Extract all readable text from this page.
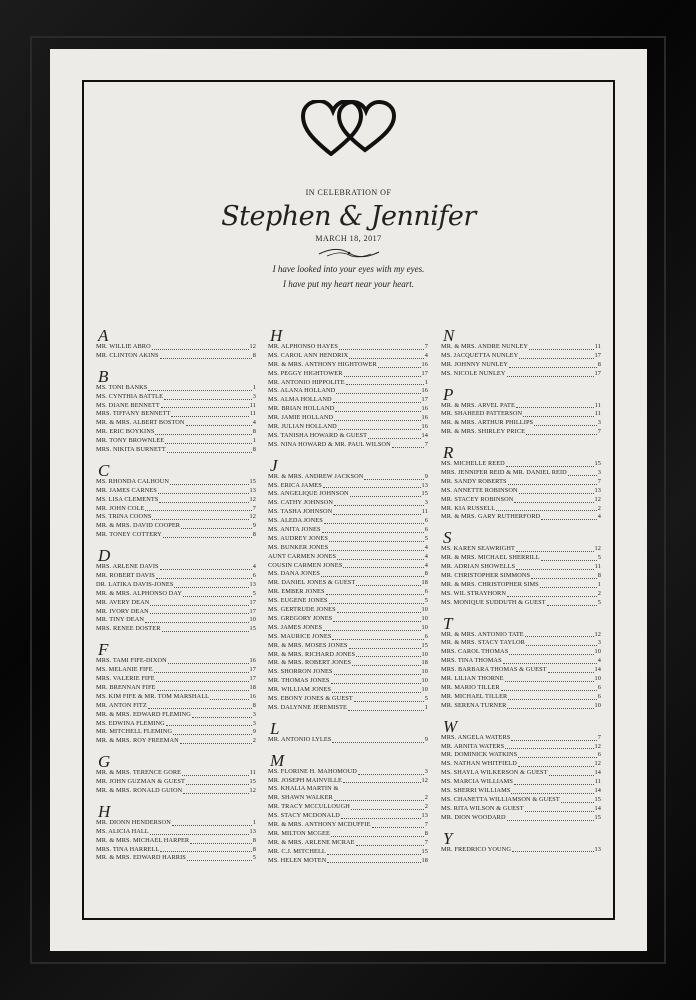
IN CELEBRATION OF
Stephen & Jennifer
MARCH 18, 2017
I have looked into your eyes with my eyes.
I have put my heart near your heart.
A
MR. WILLIE ABRO	12
MR. CLINTON AKINS	8
B
MS. TONI BANKS	1
MS. CYNTHIA BATTLE	3
MS. DIANE BENNETT	11
MRS. TIFFANY BENNETT	11
MR. & MRS. ALBERT BOSTON	4
MR. ERIC BOYKINS	8
MR. TONY BROWNLEE	1
MRS. NIKITA BURNETT	8
C
MS. RHONDA CALHOUN	15
MR. JAMES CARNES	13
MS. LISA CLEMENTS	12
MR. JOHN COLE	7
MS. TRINA COONS	12
MR. & MRS. DAVID COOPER	9
MR. TONEY COTTERY	8
D
MRS. ARLENE DAVIS	4
MR. ROBERT DAVIS	6
DR. LATIKA DAVIS-JONES	13
MR. & MRS. ALPHONSO DAY	5
MR. AVERY DEAN	17
MR. IVORY DEAN	17
MR. TINY DEAN	10
MRS. RENEE DOSTER	15
F
MRS. TAMI FIFE-DIXON	16
MS. MELANIE FIFE	17
MRS. VALERIE FIFE	17
MR. BRENNAN FIFE	18
MS. KIM FIFE & MR. TOM MARSHALL	16
MR. ANTON FITZ	8
MR. & MRS. EDWARD FLEMING	3
MS. EDWINA FLEMING	3
MR. MITCHELL FLEMING	9
MR. & MRS. ROY FREEMAN	2
G
MR. & MRS. TERENCE GORE	11
MR. JOHN GUZMAN & GUEST	15
MR. & MRS. RONALD GUION	12
H
MR. DIONN HENDERSON	1
MS. ALICIA HALL	13
MR. & MRS. MICHAEL HARPER	8
MRS. TINA HARRELL	8
MR. & MRS. EDWARD HARRIS	5
H
MR. ALPHONSO HAYES	7
MS. CAROL ANN HENDRIX	4
MR. & MRS. ANTHONY HIGHTOWER	16
MS. PEGGY HIGHTOWER	17
MR. ANTONIO HIPPOLITE	1
MS. ALANA HOLLAND	16
MS. ALMA HOLLAND	17
MR. BRIAN HOLLAND	16
MR. JAMIE HOLLAND	16
MR. JULIAN HOLLAND	16
MS. TANISHA HOWARD & GUEST	14
MS. NINA HOWARD & MR. PAUL WILSON	7
J
MR. & MRS. ANDREW JACKSON	9
MS. ERICA JAMES	13
MS. ANGELIQUE JOHNSON	15
MS. CATHY JOHNSON	3
MS. TASHA JOHNSON	11
MS. ALEDA JONES	6
MS. ANITA JONES	6
MS. AUDREY JONES	5
MS. BUNKER JONES	4
AUNT CARMEN JONES	4
COUSIN CARMEN JONES	4
MS. DANA JONES	8
MR. DANIEL JONES & GUEST	18
MR. EMBER JONES	6
MS. EUGENE JONES	5
MS. GERTRUDE JONES	10
MS. GREGORY JONES	10
MS. JAMES JONES	10
MS. MAURICE JONES	6
MR. & MRS. MOSES JONES	15
MR. & MRS. RICHARD JONES	10
MR. & MRS. ROBERT JONES	18
MS. SHORRON JONES	10
MR. THOMAS JONES	10
MR. WILLIAM JONES	10
MS. EBONY JONES & GUEST	5
MS. DALYNNE JEREMISTE	1
L
MR. ANTONIO LYLES	9
M
MS. FLORINE H. MAHOMOUD	3
MR. JOSEPH MAINVILLE	12
MS. KHALIA MARTIN &
MR. SHAWN WALKER	2
MR. TRACY MCCULLOUGH	2
MS. STACY MCDONALD	13
MR. & MRS. ANTHONY MCDUFFIE	7
MR. MILTON MCGEE	8
MR. & MRS. ARLENE MCRAE	7
MR. C.J. MITCHELL	15
MS. HELEN MOTEN	18
N
MR. & MRS. ANDRE NUNLEY	11
MS. JACQUETTA NUNLEY	17
MR. JOHNNY NUNLEY	8
MS. NICOLE NUNLEY	17
P
MR. & MRS. ARVEL PATE	11
MR. SHAHEED PATTERSON	11
MR. & MRS. ARTHUR PHILLIPS	3
MR. & MRS. SHIRLEY PRICE	7
R
MS. MICHELLE REED	15
MRS. JENNIFER REID & MR. DANIEL REID	3
MR. SANDY ROBERTS	7
MS. ANNETTE ROBINSON	13
MR. STACEY ROBINSON	12
MR. KIA RUSSELL	2
MR. & MRS. GARY RUTHERFORD	4
S
MS. KAREN SEAWRIGHT	12
MR. & MRS. MICHAEL SHERRILL	5
MR. ADRIAN SHOWELLS	11
MR. CHRISTOPHER SIMMONS	8
MR. & MRS. CHRISTOPHER SIMS	1
MS. WIL STRAYHORN	2
MS. MONIQUE SUDDUTH & GUEST	5
T
MR. & MRS. ANTONIO TATE	12
MR. & MRS. STACY TAYLOR	3
MRS. CAROL THOMAS	10
MRS. TINA THOMAS	4
MRS. BARBARA THOMAS & GUEST	14
MR. LILIAN THORNE	10
MR. MARIO TILLER	6
MR. MICHAEL TILLER	6
MR. SERENA TURNER	10
W
MRS. ANGELA WATERS	7
MR. ARNITA WATERS	12
MR. DOMINICK WATKINS	6
MS. NATHAN WHITFIELD	12
MS. SHAYLA WILKERSON & GUEST	14
MS. MARCIA WILLIAMS	11
MS. SHERRI WILLIAMS	14
MS. CHANETTA WILLIAMSON & GUEST	15
MS. RITA WILSON & GUEST	14
MR. DION WOODARD	15
Y
MR. FREDRICO YOUNG	13
